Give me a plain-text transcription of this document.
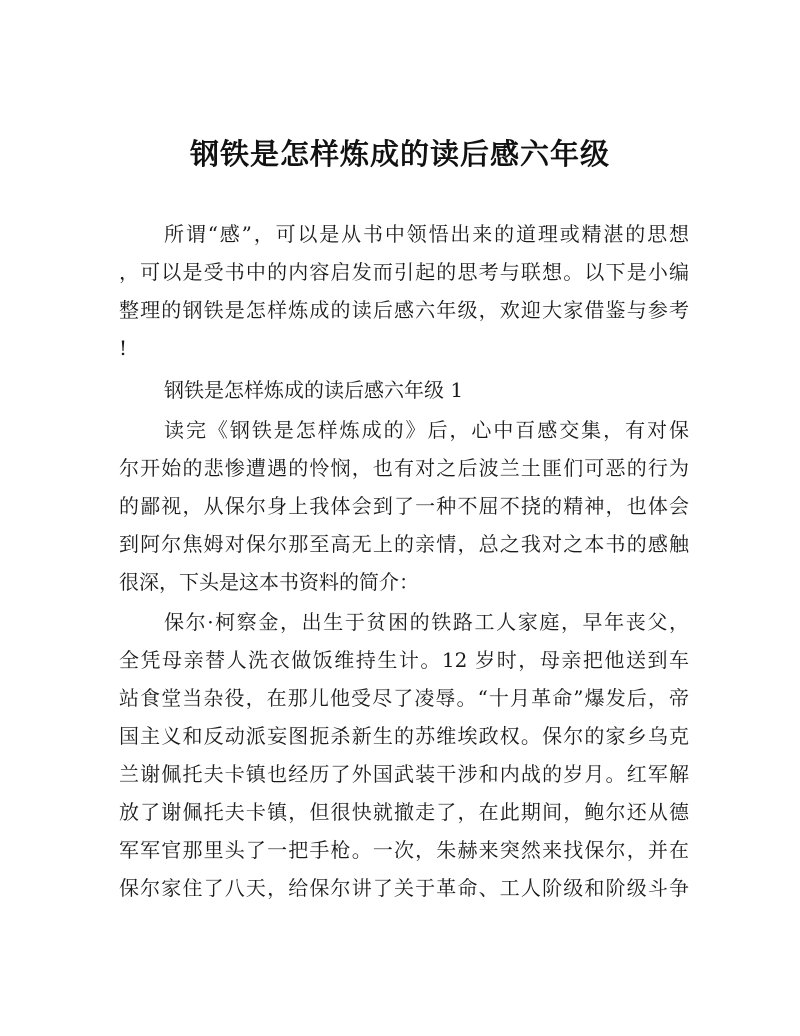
钢铁是怎样炼成的读后感六年级
所谓“感”，可以是从书中领悟出来的道理或精湛的思想
，可以是受书中的内容启发而引起的思考与联想。以下是小编
整理的钢铁是怎样炼成的读后感六年级，欢迎大家借鉴与参考
!
钢铁是怎样炼成的读后感六年级 1
读完《钢铁是怎样炼成的》后，心中百感交集，有对保
尔开始的悲惨遭遇的怜悯，也有对之后波兰土匪们可恶的行为
的鄙视，从保尔身上我体会到了一种不屈不挠的精神，也体会
到阿尔焦姆对保尔那至高无上的亲情，总之我对之本书的感触
很深，下头是这本书资料的简介：
保尔·柯察金，出生于贫困的铁路工人家庭，早年丧父，
全凭母亲替人洗衣做饭维持生计。12 岁时，母亲把他送到车
站食堂当杂役，在那儿他受尽了凌辱。“十月革命”爆发后，帝
国主义和反动派妄图扼杀新生的苏维埃政权。保尔的家乡乌克
兰谢佩托夫卡镇也经历了外国武装干涉和内战的岁月。红军解
放了谢佩托夫卡镇，但很快就撤走了，在此期间，鲍尔还从德
军军官那里头了一把手枪。一次，朱赫来突然来找保尔，并在
保尔家住了八天，给保尔讲了关于革命、工人阶级和阶级斗争
